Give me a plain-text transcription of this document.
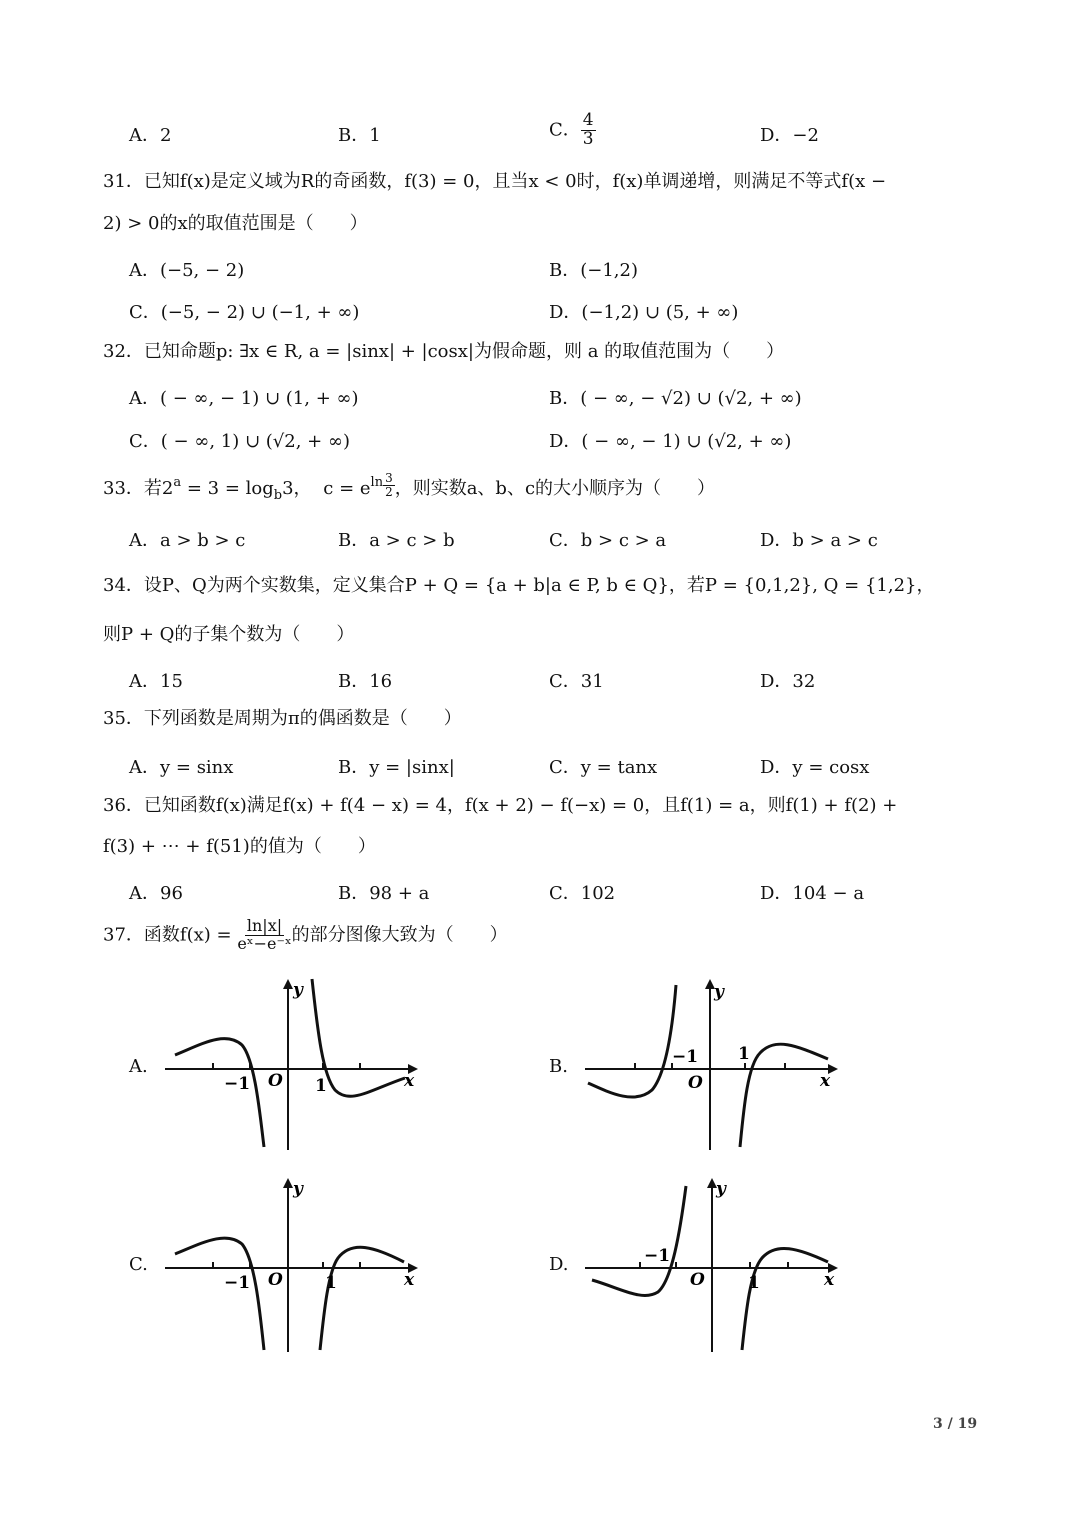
A．2	B．1	C． $\frac{4}{3}$	D．−2
31．已知f(x)是定义域为R的奇函数，f(3) = 0，且当x < 0时，f(x)单调递增，则满足不等式f(x −
2) > 0的x的取值范围是（　　）
A．(−5, − 2)	B．(−1,2)
C．(−5, − 2) ∪ (−1, + ∞)	D．(−1,2) ∪ (5, + ∞)
32．已知命题p: ∃x ∈ R, a = |sinx| + |cosx|为假命题，则 a 的取值范围为（　　）
A．( − ∞, − 1) ∪ (1, + ∞)	B．( − ∞, − √2) ∪ (√2, + ∞)
C．( − ∞, 1) ∪ (√2, + ∞)	D．( − ∞, − 1) ∪ (√2, + ∞)
33．若$2^a = 3 = \log_b3$， $c = e^{ln \frac{3}{2}}$ ，则实数a、b、c的大小顺序为（　　）
A．a > b > c	B．a > c > b	C．b > c > a	D．b > a > c
34．设P、Q为两个实数集，定义集合P + Q = {a + b|a ∈ P, b ∈ Q}，若P = {0,1,2}, Q = {1,2}，
则P + Q的子集个数为（　　）
A．15	B．16	C．31	D．32
35．下列函数是周期为π的偶函数是（　　）
A．y = sinx	B．y = |sinx|	C．y = tanx	D．y = cosx
36．已知函数f(x)满足f(x) + f(4 − x) = 4，f(x + 2) − f(−x) = 0，且f(1) = a，则f(1) + f(2) +
f(3) + ⋯ + f(51)的值为（　　）
A．96	B．98 + a	C．102	D．104 − a
37．函数$f(x) = \frac{\ln|x|}{\text{eˣ−e⁻ˣ}}$ 的部分图像大致为（　　）
A.
y
x
O
−1	1
B.
y
x
O
−1 1
C.
y
x
O
−1	1
D.
y
x
O
−1
1
3 / 19
